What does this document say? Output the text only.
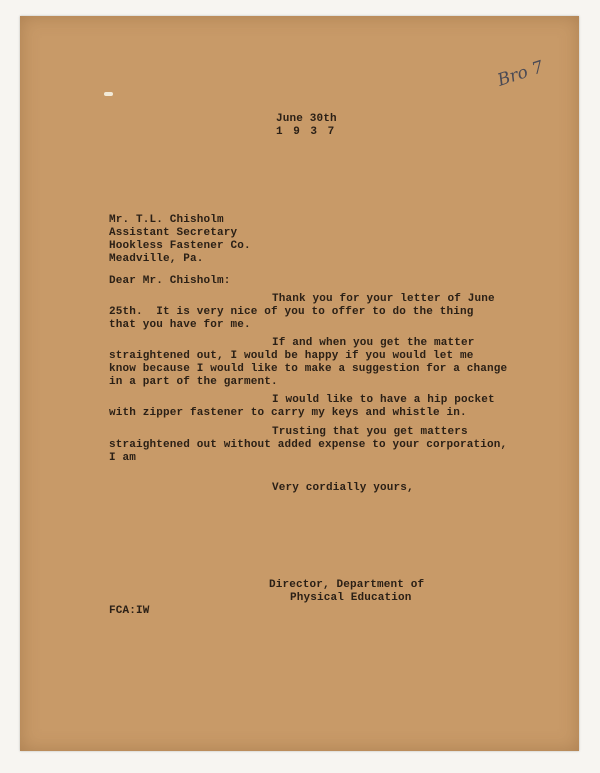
Bro 7

June 30th

1 9 3 7

Mr. T.L. Chisholm

Assistant Secretary

Hookless Fastener Co.

Meadville, Pa.

Dear Mr. Chisholm:

Thank you for your letter of June

25th.  It is very nice of you to offer to do the thing

that you have for me.

If and when you get the matter

straightened out, I would be happy if you would let me

know because I would like to make a suggestion for a change

in a part of the garment.

I would like to have a hip pocket

with zipper fastener to carry my keys and whistle in.

Trusting that you get matters

straightened out without added expense to your corporation,

I am

Very cordially yours,

Director, Department of

Physical Education

FCA:IW
